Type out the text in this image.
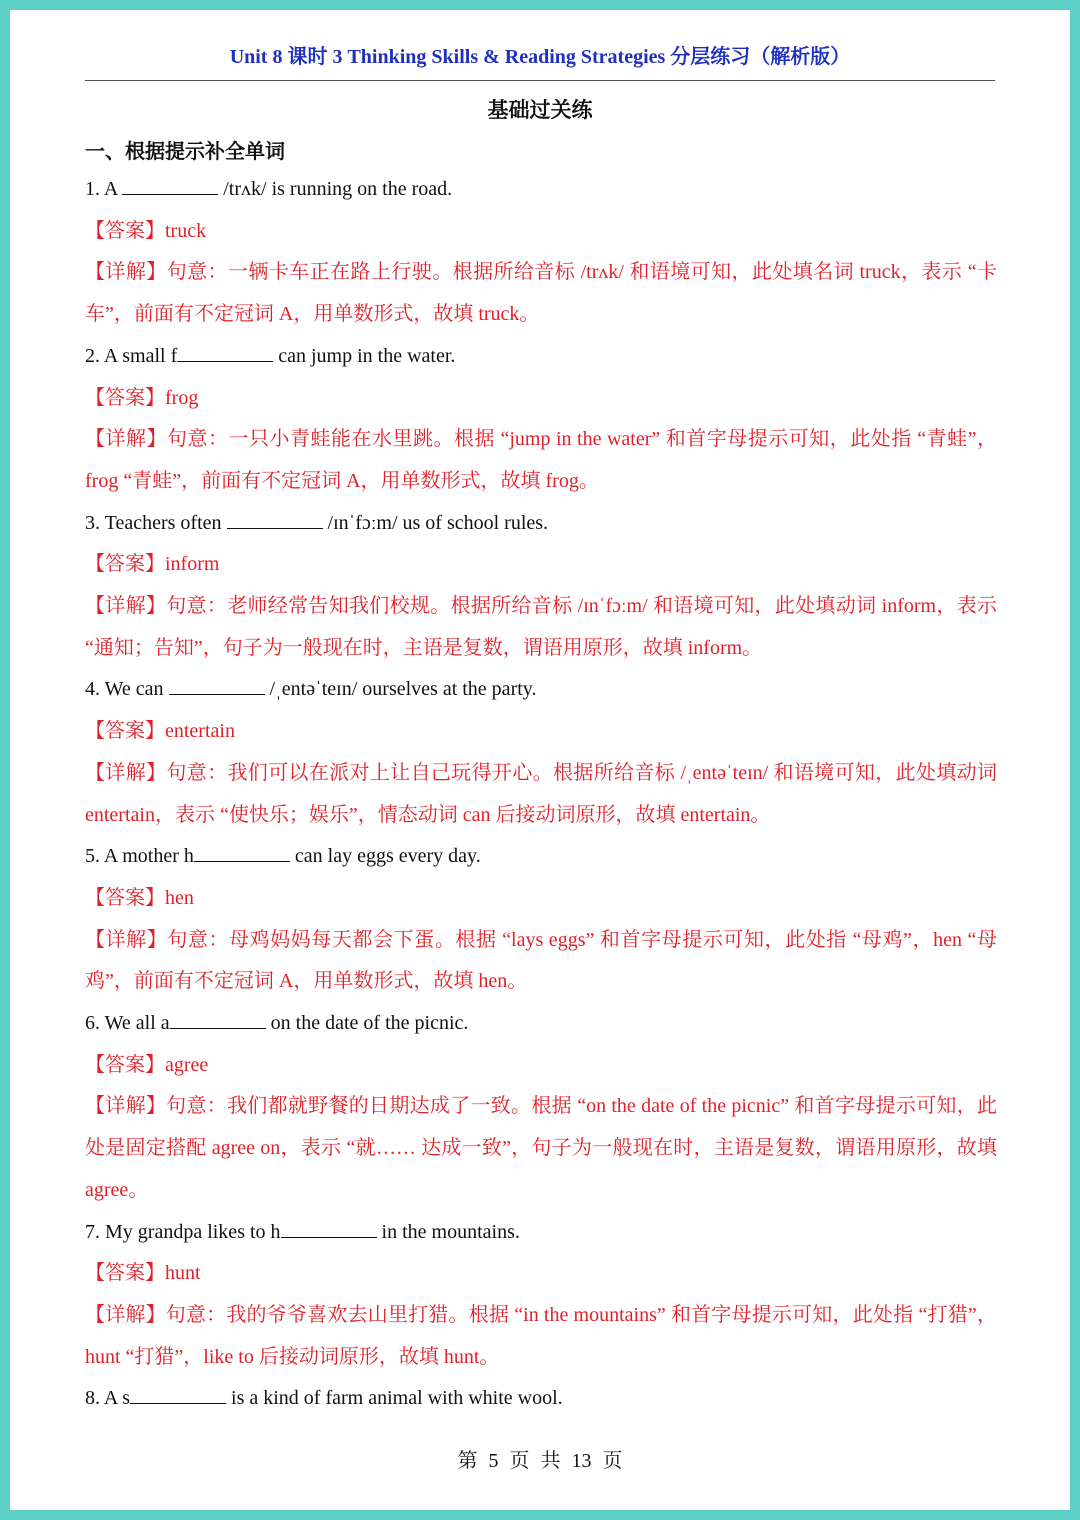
Unit 8 课时 3 Thinking Skills & Reading Strategies 分层练习（解析版）
基础过关练
一、根据提示补全单词
1. A	/trʌk/ is running on the road.
【答案】truck
【详解】句意：一辆卡车正在路上行驶。根据所给音标 /trʌk/ 和语境可知，此处填名词 truck，表示 “卡车”，前面有不定冠词 A，用单数形式，故填 truck。
2. A small f	can jump in the water.
【答案】frog
【详解】句意：一只小青蛙能在水里跳。根据 “jump in the water” 和首字母提示可知，此处指 “青蛙”，frog “青蛙”，前面有不定冠词 A，用单数形式，故填 frog。
3. Teachers often	/ɪnˈfɔːm/ us of school rules.
【答案】inform
【详解】句意：老师经常告知我们校规。根据所给音标 /ɪnˈfɔːm/ 和语境可知，此处填动词 inform，表示 “通知；告知”，句子为一般现在时，主语是复数，谓语用原形，故填 inform。
4. We can	/ˌentəˈteɪn/ ourselves at the party.
【答案】entertain
【详解】句意：我们可以在派对上让自己玩得开心。根据所给音标 /ˌentəˈteɪn/ 和语境可知，此处填动词 entertain，表示 “使快乐；娱乐”，情态动词 can 后接动词原形，故填 entertain。
5. A mother h	can lay eggs every day.
【答案】hen
【详解】句意：母鸡妈妈每天都会下蛋。根据 “lays eggs” 和首字母提示可知，此处指 “母鸡”，hen “母鸡”，前面有不定冠词 A，用单数形式，故填 hen。
6. We all a	on the date of the picnic.
【答案】agree
【详解】句意：我们都就野餐的日期达成了一致。根据 “on the date of the picnic” 和首字母提示可知，此处是固定搭配 agree on，表示 “就…… 达成一致”，句子为一般现在时，主语是复数，谓语用原形，故填 agree。
7. My grandpa likes to h	in the mountains.
【答案】hunt
【详解】句意：我的爷爷喜欢去山里打猎。根据 “in the mountains” 和首字母提示可知，此处指 “打猎”，hunt “打猎”，like to 后接动词原形，故填 hunt。
8. A s	is a kind of farm animal with white wool.
第 5 页 共 13 页
